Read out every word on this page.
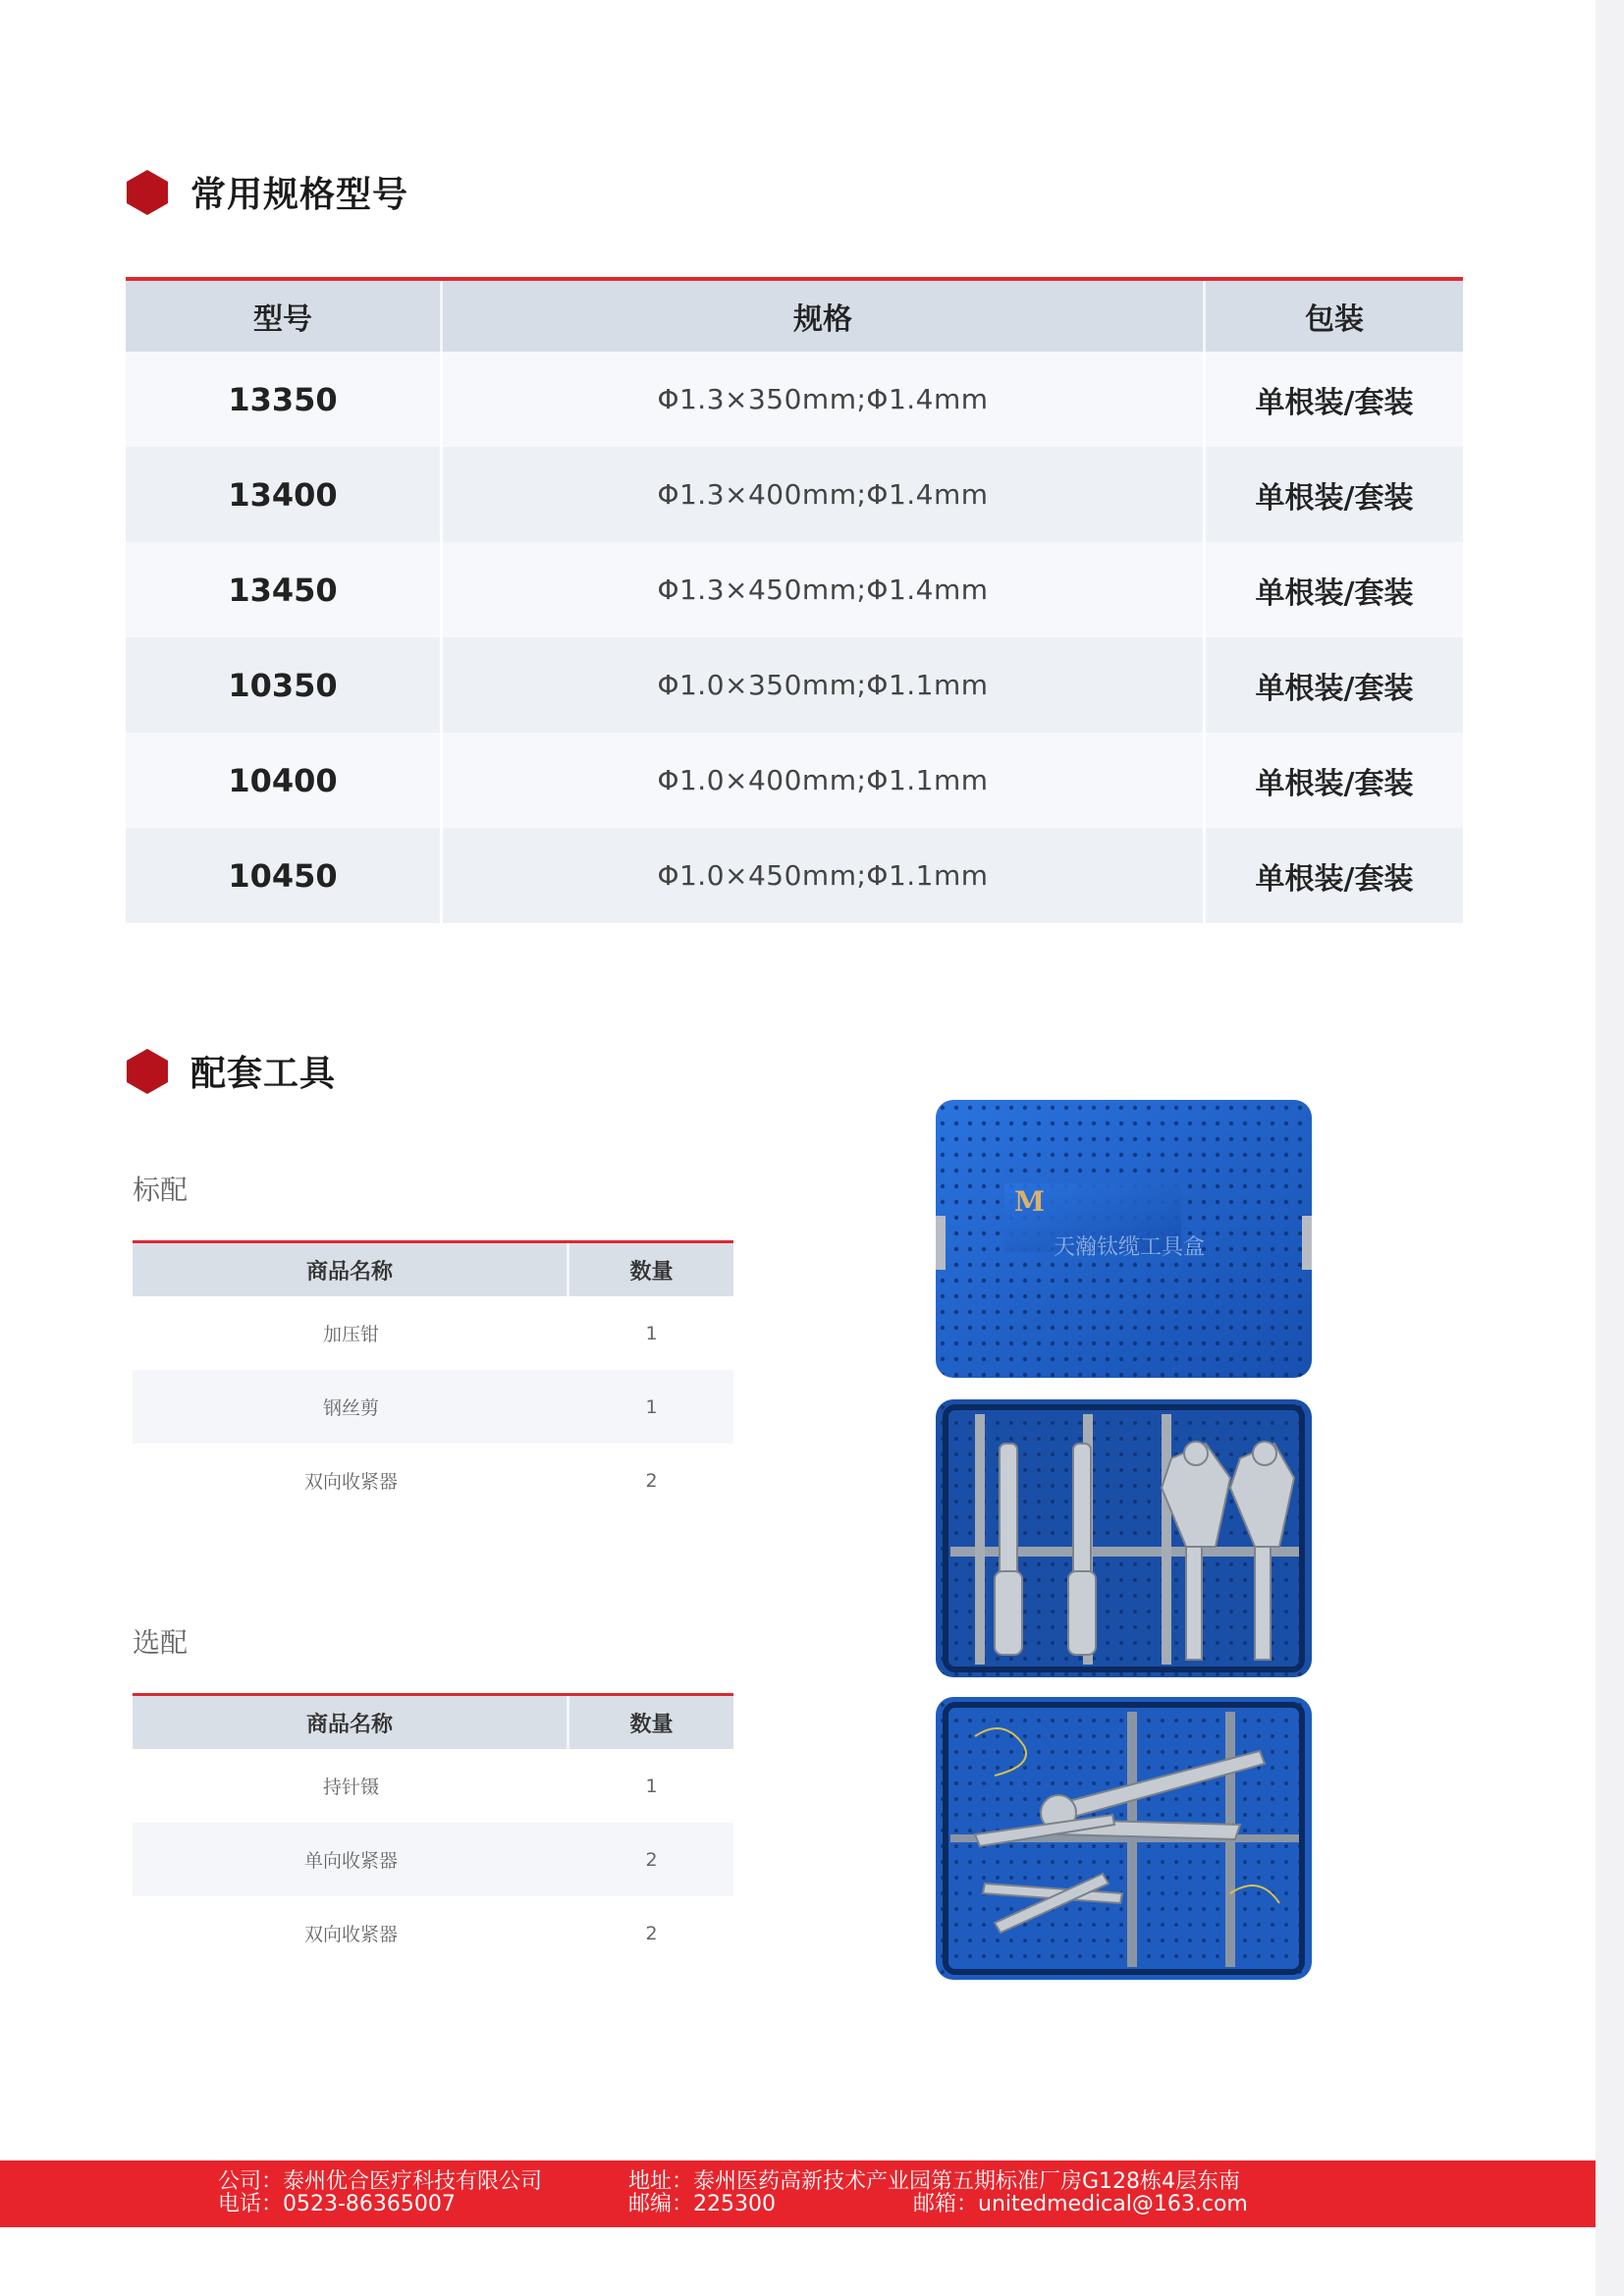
常用规格型号
型号	规格	包装
13350	Φ1.3×350mm;Φ1.4mm	单根装/套装
13400	Φ1.3×400mm;Φ1.4mm	单根装/套装
13450	Φ1.3×450mm;Φ1.4mm	单根装/套装
10350	Φ1.0×350mm;Φ1.1mm	单根装/套装
10400	Φ1.0×400mm;Φ1.1mm	单根装/套装
10450	Φ1.0×450mm;Φ1.1mm	单根装/套装
配套工具
标配
商品名称	数量
加压钳	1
钢丝剪	1
双向收紧器	2
选配
商品名称	数量
持针镊	1
单向收紧器	2
双向收紧器	2
M
天瀚钛缆工具盒
公司：泰州优合医疗科技有限公司
电话：0523-86365007
地址：泰州医药高新技术产业园第五期标准厂房G128栋4层东南
邮编：225300	邮箱：unitedmedical@163.com
